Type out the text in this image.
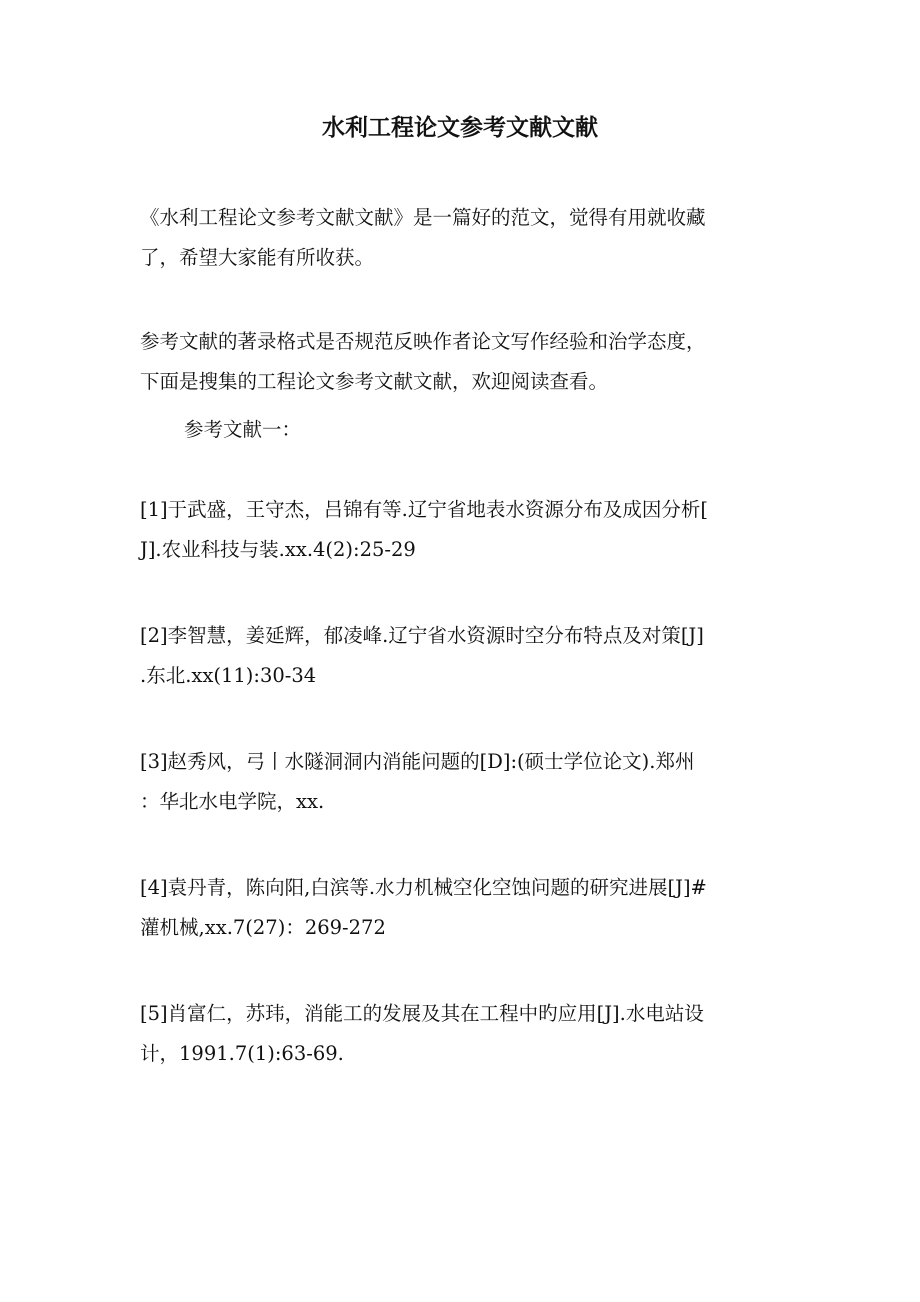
水利工程论文参考文献文献
《水利工程论文参考文献文献》是一篇好的范文，觉得有用就收藏
了，希望大家能有所收获。
参考文献的著录格式是否规范反映作者论文写作经验和治学态度，
下面是搜集的工程论文参考文献文献，欢迎阅读查看。
参考文献一：
[1]于武盛，王守杰，吕锦有等.辽宁省地表水资源分布及成因分析[
J].农业科技与装.xx.4(2):25-29
[2]李智慧，姜延辉，郁凌峰.辽宁省水资源时空分布特点及对策[J]
.东北.xx(11):30-34
[3]赵秀风，弓丨水隧洞洞内消能问题的[D]:(硕士学位论文).郑州
：华北水电学院，xx.
[4]袁丹青，陈向阳,白滨等.水力机械空化空蚀问题的研究进展[J]#
灌机械,xx.7(27)：269-272
[5]肖富仁，苏玮，消能工的发展及其在工程中旳应用[J].水电站设
计，1991.7(1):63-69.
